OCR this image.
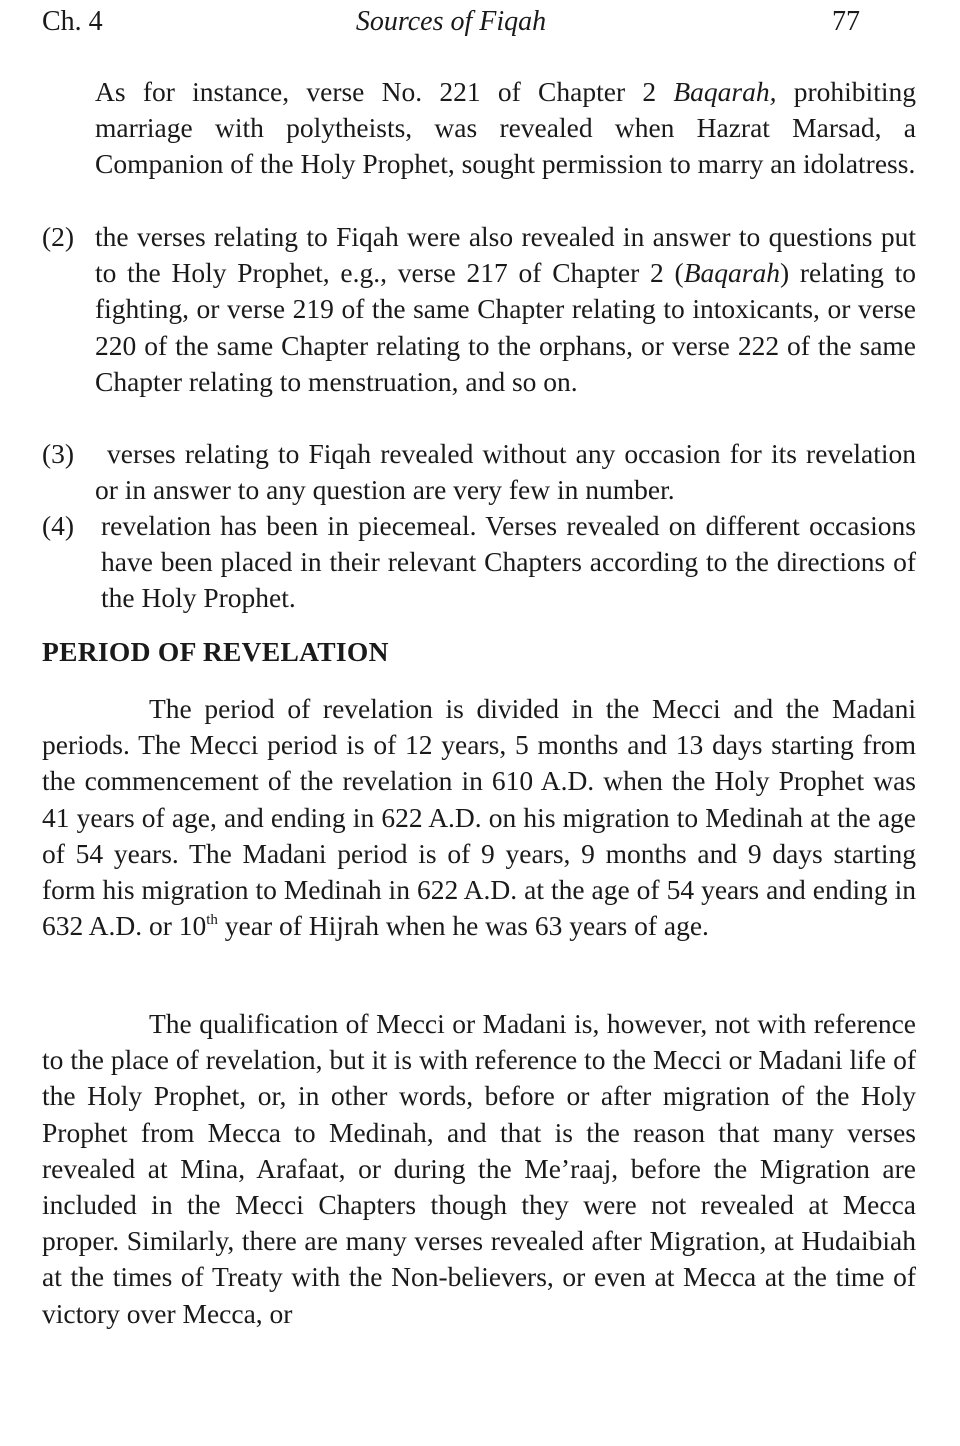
Ch. 4	Sources of Fiqah	77
As for instance, verse No. 221 of Chapter 2 Baqarah, prohibiting marriage with polytheists, was revealed when Hazrat Marsad, a Companion of the Holy Prophet, sought permission to marry an idolatress.
(2) the verses relating to Fiqah were also revealed in answer to questions put to the Holy Prophet, e.g., verse 217 of Chapter 2 (Baqarah) relating to fighting, or verse 219 of the same Chapter relating to intoxicants, or verse 220 of the same Chapter relating to the orphans, or verse 222 of the same Chapter relating to menstruation, and so on.
(3)	verses relating to Fiqah revealed without any occasion for its revelation or in answer to any question are very few in number.
(4) revelation has been in piecemeal. Verses revealed on different occasions have been placed in their relevant Chapters according to the directions of the Holy Prophet.
PERIOD OF REVELATION
The period of revelation is divided in the Mecci and the Madani periods. The Mecci period is of 12 years, 5 months and 13 days starting from the commencement of the revelation in 610 A.D. when the Holy Prophet was 41 years of age, and ending in 622 A.D. on his migration to Medinah at the age of 54 years. The Madani period is of 9 years, 9 months and 9 days starting form his migration to Medinah in 622 A.D. at the age of 54 years and ending in 632 A.D. or 10th year of Hijrah when he was 63 years of age.
The qualification of Mecci or Madani is, however, not with reference to the place of revelation, but it is with reference to the Mecci or Madani life of the Holy Prophet, or, in other words, before or after migration of the Holy Prophet from Mecca to Medinah, and that is the reason that many verses revealed at Mina, Arafaat, or during the Me’raaj, before the Migration are included in the Mecci Chapters though they were not revealed at Mecca proper. Similarly, there are many verses revealed after Migration, at Hudaibiah at the times of Treaty with the Non-believers, or even at Mecca at the time of victory over Mecca, or
